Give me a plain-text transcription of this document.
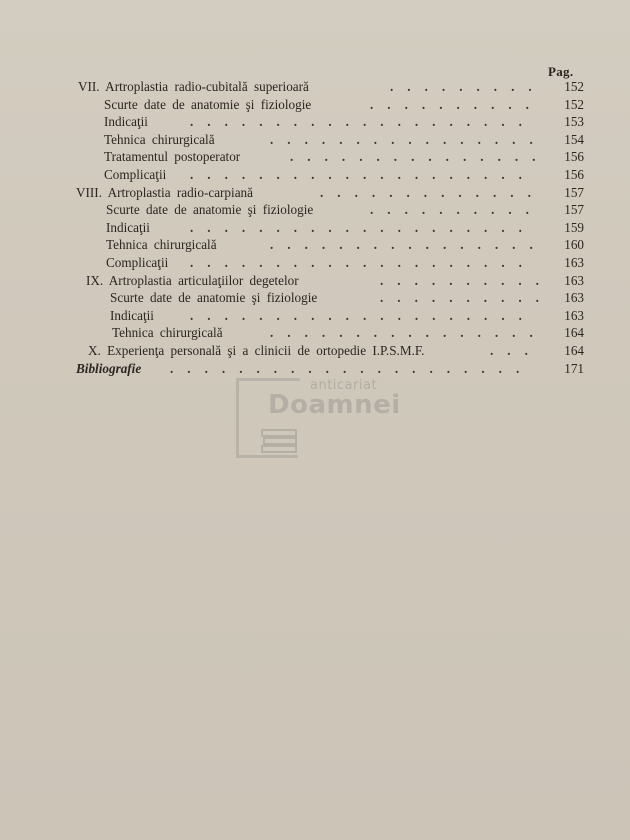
Pag.
VII. Artroplastia radio-cubitală superioară	......... 152
Scurte date de anatomie şi fiziologie	.......... 152
Indicaţii	.................... 153
Tehnica chirurgicală	................ 154
Tratamentul postoperator	............... 156
Complicaţii .................... 156
VIII. Artroplastia radio-carpiană	............. 157
Scurte date de anatomie şi fiziologie	.......... 157
Indicaţii	.................... 159
Tehnica chirurgicală	................ 160
Complicaţii .................... 163
IX. Artroplastia articulaţiilor degetelor	.......... 163
Scurte date de anatomie şi fiziologie	.......... 163
Indicaţii	.................... 163
Tehnica chirurgicală	................ 164
X. Experienţa personală şi a clinicii de ortopedie I.P.S.M.F.	... 164
Bibliografie ..................... 171
anticariat
Doamnei
